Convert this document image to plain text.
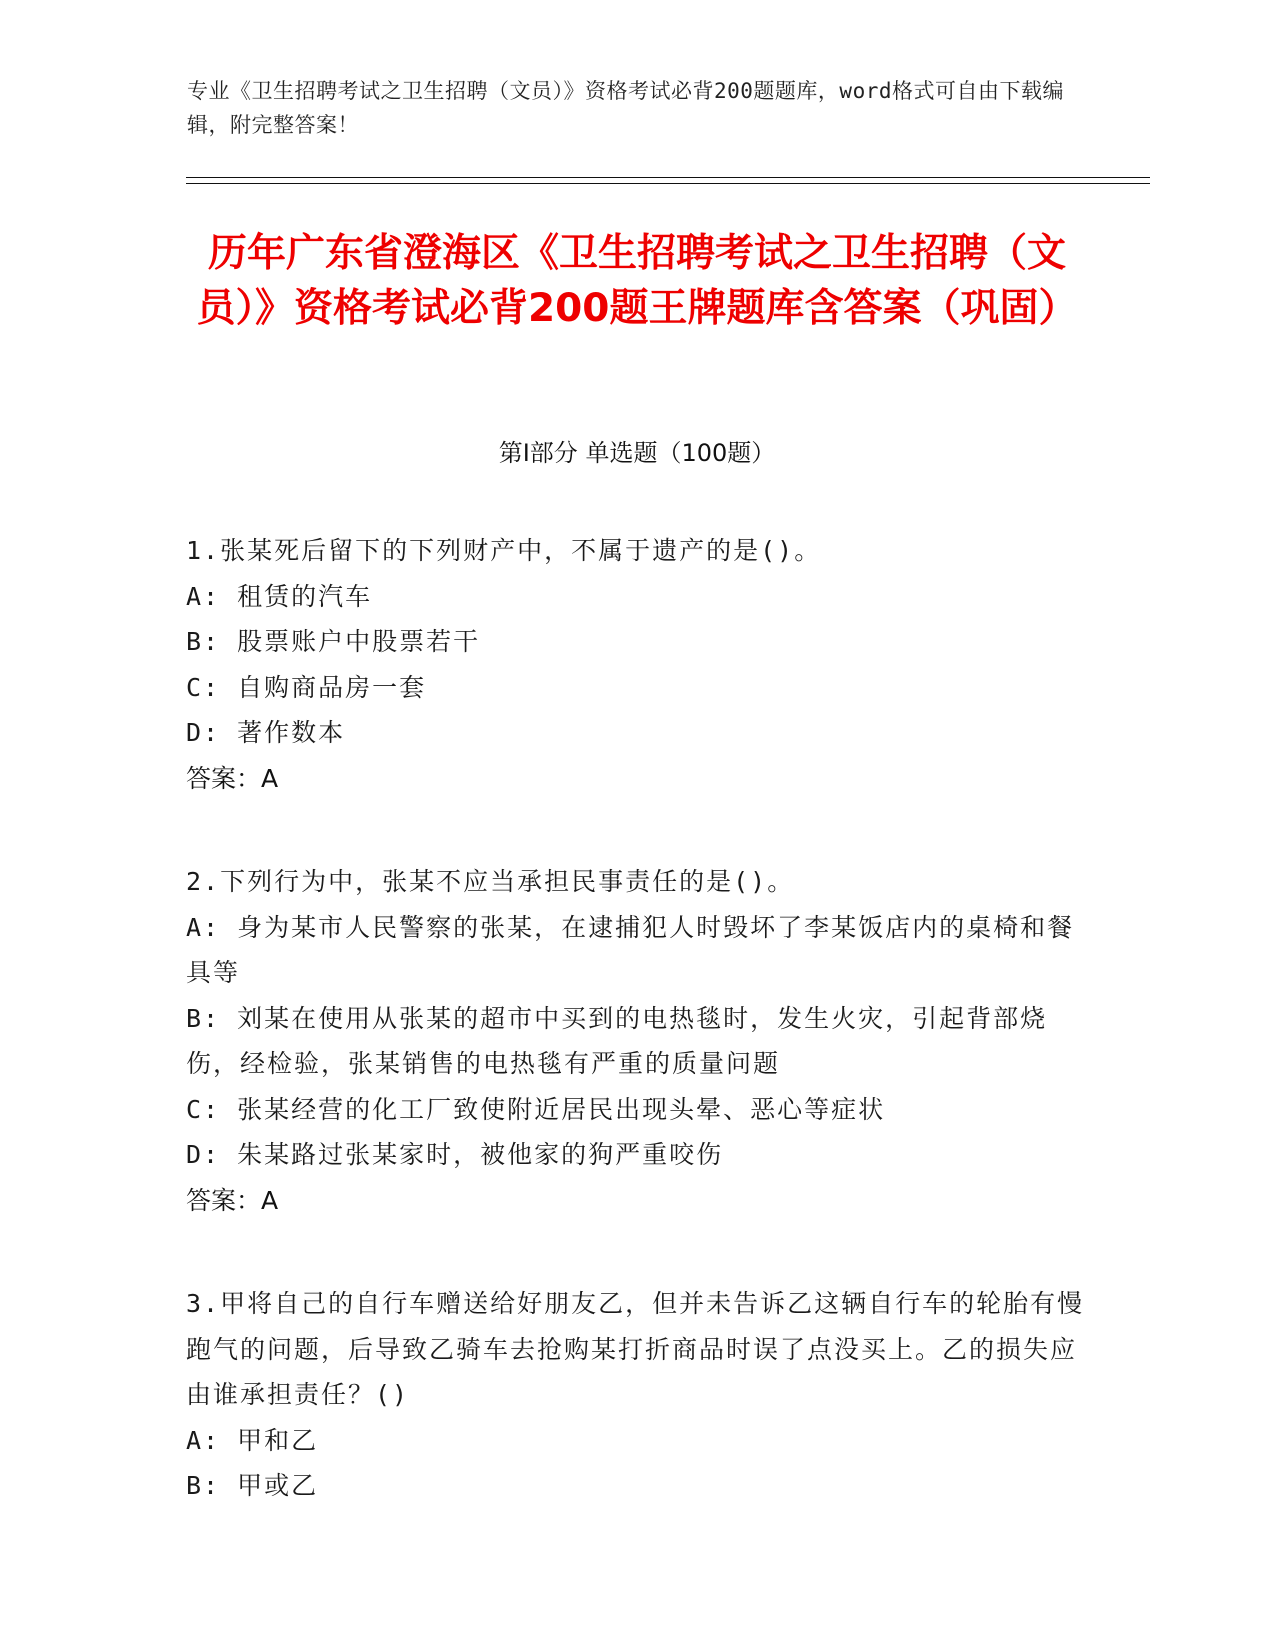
专业《卫生招聘考试之卫生招聘（文员）》资格考试必背200题题库，word格式可自由下载编辑，附完整答案！
历年广东省澄海区《卫生招聘考试之卫生招聘（文员）》资格考试必背200题王牌题库含答案（巩固）
第Ⅰ部分 单选题（100题）
1.张某死后留下的下列财产中，不属于遗产的是()。
A: 租赁的汽车
B: 股票账户中股票若干
C: 自购商品房一套
D: 著作数本
答案：A
2.下列行为中，张某不应当承担民事责任的是()。
A: 身为某市人民警察的张某，在逮捕犯人时毁坏了李某饭店内的桌椅和餐具等
B: 刘某在使用从张某的超市中买到的电热毯时，发生火灾，引起背部烧伤，经检验，张某销售的电热毯有严重的质量问题
C: 张某经营的化工厂致使附近居民出现头晕、恶心等症状
D: 朱某路过张某家时，被他家的狗严重咬伤
答案：A
3.甲将自己的自行车赠送给好朋友乙，但并未告诉乙这辆自行车的轮胎有慢跑气的问题，后导致乙骑车去抢购某打折商品时误了点没买上。乙的损失应由谁承担责任？()
A: 甲和乙
B: 甲或乙
